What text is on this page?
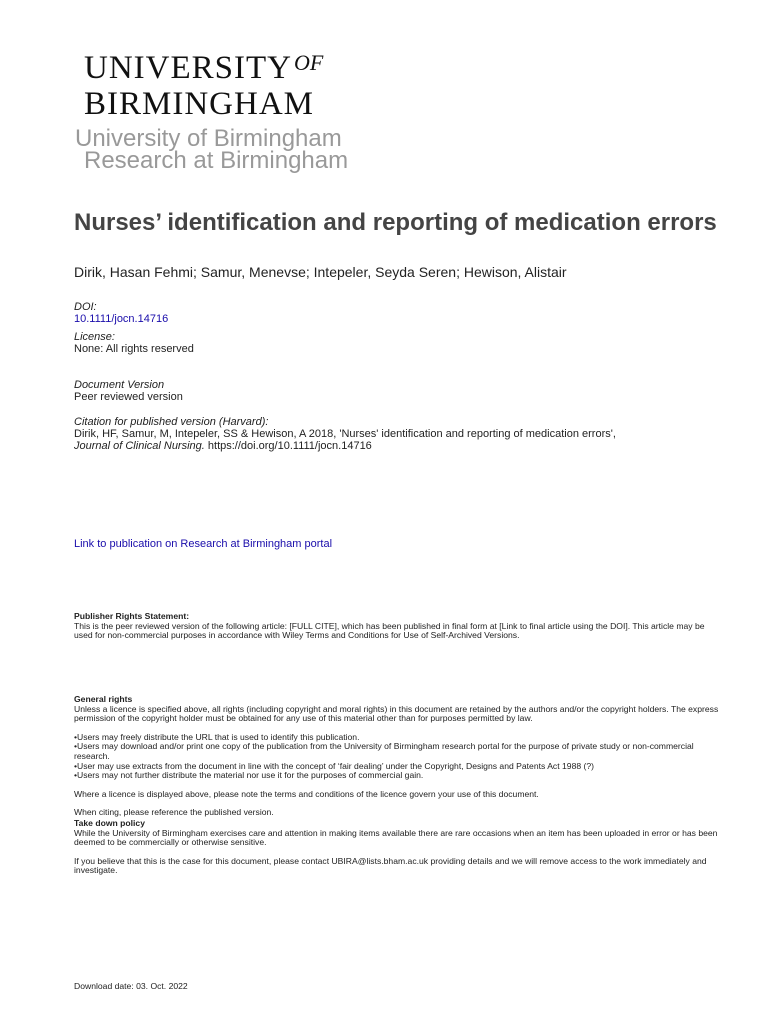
$UNIVERSITY^{OF}$
BIRMINGHAM
University of Birmingham
Research at Birmingham
Nurses’ identification and reporting of medication errors
Dirik, Hasan Fehmi; Samur, Menevse; Intepeler, Seyda Seren; Hewison, Alistair
DOI:
10.1111/jocn.14716
License:
None: All rights reserved
Document Version
Peer reviewed version
Citation for published version (Harvard):
Dirik, HF, Samur, M, Intepeler, SS & Hewison, A 2018, 'Nurses' identification and reporting of medication errors',
Journal of Clinical Nursing. https://doi.org/10.1111/jocn.14716
Link to publication on Research at Birmingham portal

Publisher Rights Statement:

This is the peer reviewed version of the following article: [FULL CITE], which has been published in final form at [Link to final article using the DOI]. This article may be used for non-commercial purposes in accordance with Wiley Terms and Conditions for Use of Self-Archived Versions.

General rights

Unless a licence is specified above, all rights (including copyright and moral rights) in this document are retained by the authors and/or the copyright holders. The express permission of the copyright holder must be obtained for any use of this material other than for purposes permitted by law.

•Users may freely distribute the URL that is used to identify this publication.

•Users may download and/or print one copy of the publication from the University of Birmingham research portal for the purpose of private study or non-commercial research.

•User may use extracts from the document in line with the concept of ‘fair dealing’ under the Copyright, Designs and Patents Act 1988 (?)

•Users may not further distribute the material nor use it for the purposes of commercial gain.

Where a licence is displayed above, please note the terms and conditions of the licence govern your use of this document.

When citing, please reference the published version.

Take down policy

While the University of Birmingham exercises care and attention in making items available there are rare occasions when an item has been uploaded in error or has been deemed to be commercially or otherwise sensitive.

If you believe that this is the case for this document, please contact UBIRA@lists.bham.ac.uk providing details and we will remove access to the work immediately and investigate.

Download date: 03. Oct. 2022
